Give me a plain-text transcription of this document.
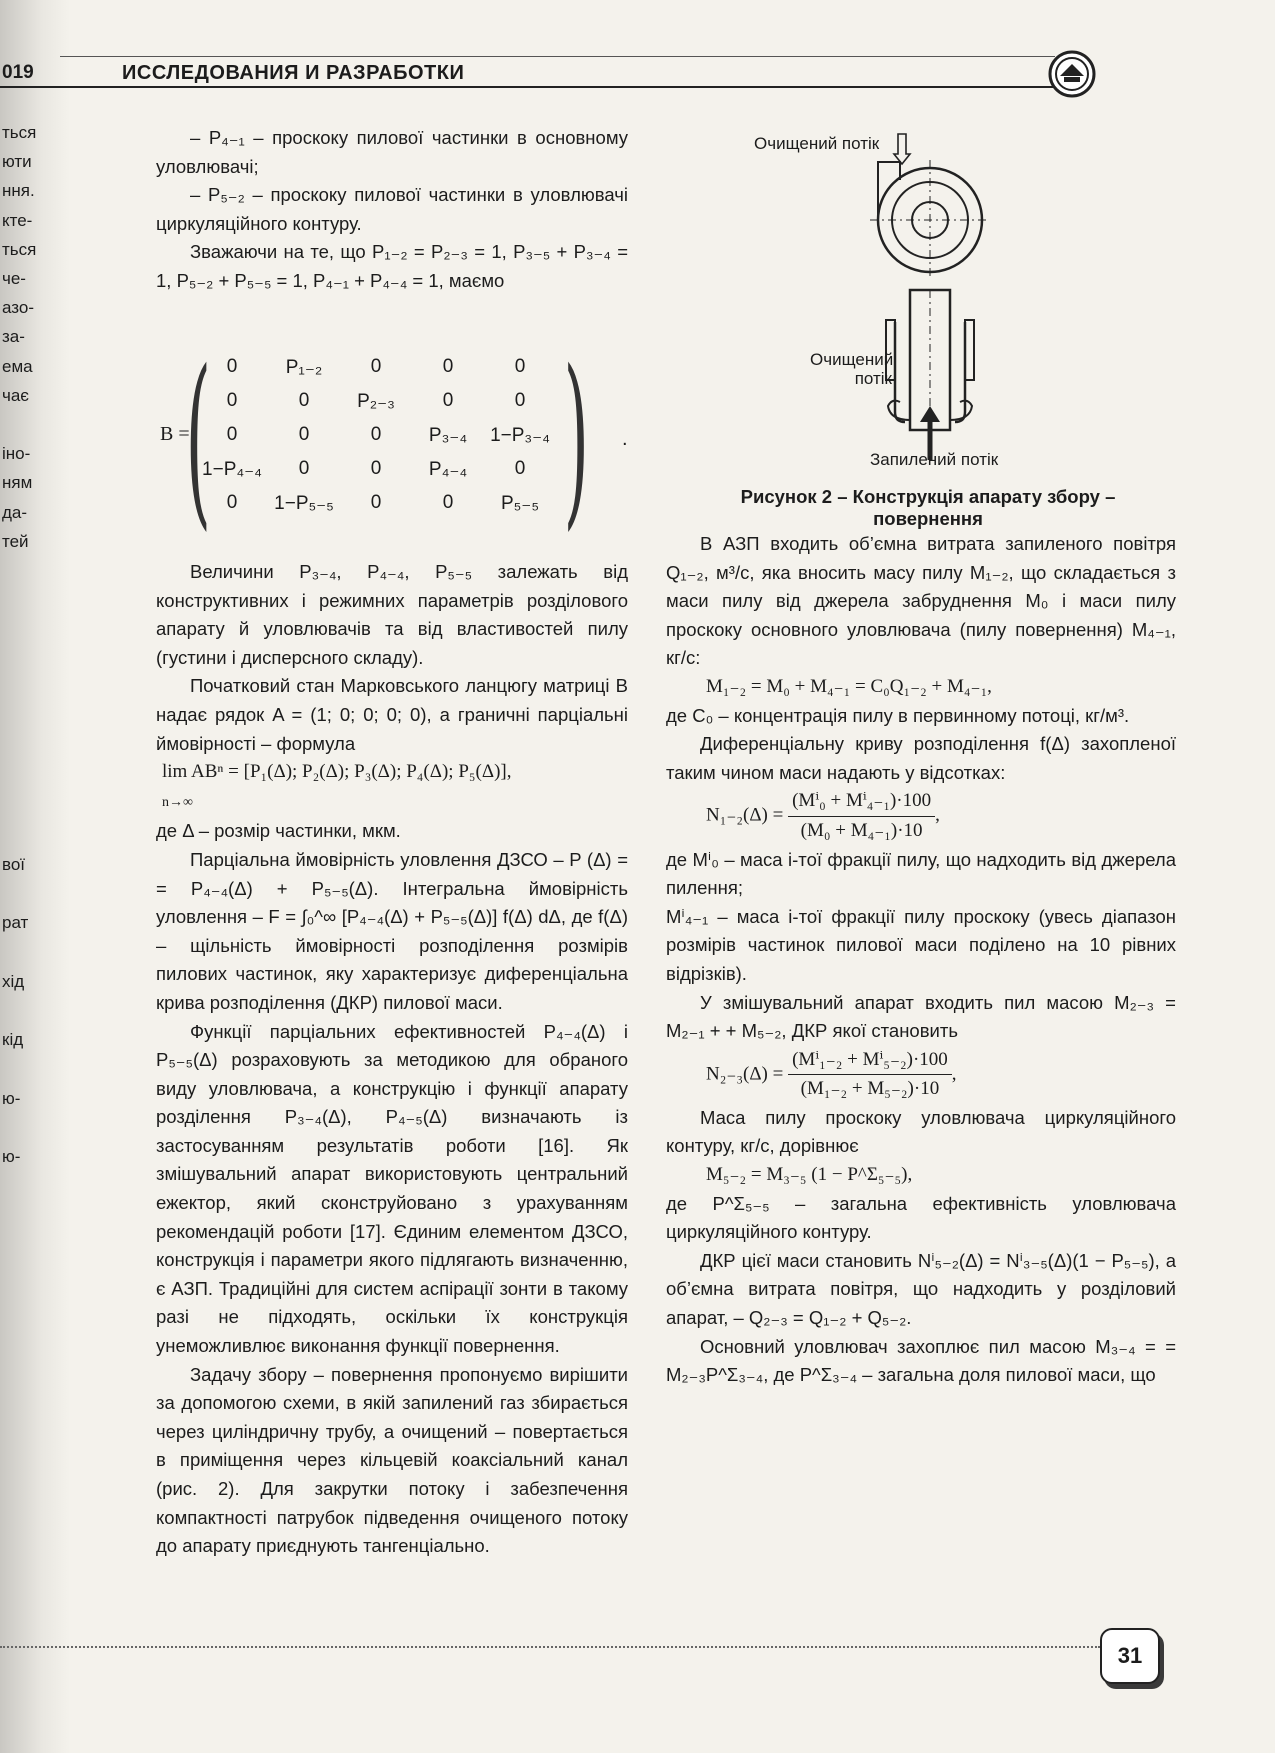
019	ИССЛЕДОВАНИЯ И РАЗРАБОТКИ
ться
юти
ння.
кте-
ться
че-
азо-
за-
ема
чає

іно-
ням
да-
тей
вої

рат

хід

кід

ю-

ю-

– P₄₋₁ – проскоку пилової частинки в основному уловлювачі;

– P₅₋₂ – проскоку пилової частинки в уловлювачі циркуляційного контуру.

Зважаючи на те, що P₁₋₂ = P₂₋₃ = 1, P₃₋₅ + P₃₋₄ = 1, P₅₋₂ + P₅₋₅ = 1, P₄₋₁ + P₄₋₄ = 1, маємо

B =
( 0	P₁₋₂	0	0	0
0	0	P₂₋₃	0	0
0	0	0	P₃₋₄	1−P₃₋₄
1−P₄₋₄	0	0	P₄₋₄	0
0	1−P₅₋₅	0	0	P₅₋₅ ) .

Величини P₃₋₄, P₄₋₄, P₅₋₅ залежать від конструктивних і режимних параметрів розділового апарату й уловлювачів та від властивостей пилу (густини і дисперсного складу).

Початковий стан Марковського ланцюгу матриці B надає рядок A = (1; 0; 0; 0; 0), а граничні парціальні ймовірності – формула

lim ABⁿ = [P₁(Δ); P₂(Δ); P₃(Δ); P₄(Δ); P₅(Δ)],
n→∞

де Δ – розмір частинки, мкм.

Парціальна ймовірність уловлення ДЗСО – P (Δ) = = P₄₋₄(Δ) + P₅₋₅(Δ). Інтегральна ймовірність уловлення – F = ∫₀^∞ [P₄₋₄(Δ) + P₅₋₅(Δ)] f(Δ) dΔ, де f(Δ) – щільність ймовірності розподілення розмірів пилових частинок, яку характеризує диференціальна крива розподілення (ДКР) пилової маси.

Функції парціальних ефективностей P₄₋₄(Δ) і P₅₋₅(Δ) розраховують за методикою для обраного виду уловлювача, а конструкцію і функції апарату розділення P₃₋₄(Δ), P₄₋₅(Δ) визначають із застосуванням результатів роботи [16]. Як змішувальний апарат використовують центральний ежектор, який сконструйовано з урахуванням рекомендацій роботи [17]. Єдиним елементом ДЗСО, конструкція і параметри якого підлягають визначенню, є АЗП. Традиційні для систем аспірації зонти в такому разі не підходять, оскільки їх конструкція унеможливлює виконання функції повернення.

Задачу збору – повернення пропонуємо вирішити за допомогою схеми, в якій запилений газ збирається через циліндричну трубу, а очищений – повертається в приміщення через кільцевій коаксіальний канал (рис. 2). Для закрутки потоку і забезпечення компактності патрубок підведення очищеного потоку до апарату приєднують тангенціально.

Очищений потік
Очищений потік
Запилений потік
Рисунок 2 – Конструкція апарату збору – повернення

В АЗП входить об’ємна витрата запиленого повітря Q₁₋₂, м³/с, яка вносить масу пилу M₁₋₂, що складається з маси пилу від джерела забруднення M₀ і маси пилу проскоку основного уловлювача (пилу повернення) M₄₋₁, кг/с:

M₁₋₂ = M₀ + M₄₋₁ = C₀Q₁₋₂ + M₄₋₁,

де C₀ – концентрація пилу в первинному потоці, кг/м³.

Диференціальну криву розподілення f(Δ) захопленої таким чином маси надають у відсотках:

$N_{1-2}(\Delta) = \frac{\text{(Mⁱ₀ + Mⁱ₄₋₁)·100}}{\text{(M₀ + M₄₋₁)·10}}$ ,

де Mⁱ₀ – маса і-тої фракції пилу, що надходить від джерела пилення;

Mⁱ₄₋₁ – маса і-тої фракції пилу проскоку (увесь діапазон розмірів частинок пилової маси поділено на 10 рівних відрізків).

У змішувальний апарат входить пил масою M₂₋₃ = M₂₋₁ + + M₅₋₂, ДКР якої становить

$N_{2-3}(\Delta) = \frac{\text{(Mⁱ₁₋₂ + Mⁱ₅₋₂)·100}}{\text{(M₁₋₂ + M₅₋₂)·10}}$ ,

Маса пилу проскоку уловлювача циркуляційного контуру, кг/с, дорівнює

M₅₋₂ = M₃₋₅ (1 − P^Σ₅₋₅),

де P^Σ₅₋₅ – загальна ефективність уловлювача циркуляційного контуру.

ДКР цієї маси становить Nⁱ₅₋₂(Δ) = Nⁱ₃₋₅(Δ)(1 − P₅₋₅), а об’ємна витрата повітря, що надходить у розділовий апарат, – Q₂₋₃ = Q₁₋₂ + Q₅₋₂.

Основний уловлювач захоплює пил масою M₃₋₄ = = M₂₋₃P^Σ₃₋₄, де P^Σ₃₋₄ – загальна доля пилової маси, що

31
